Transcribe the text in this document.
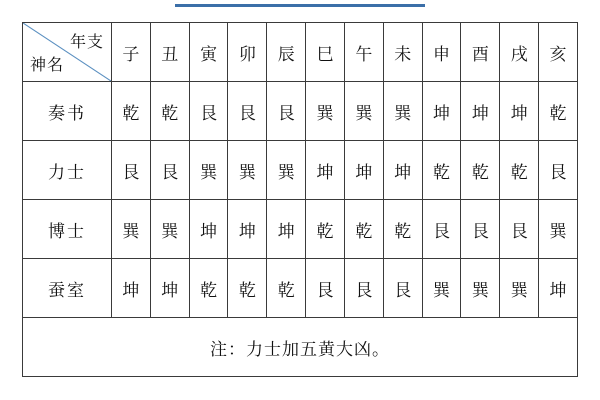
年支
神名	子	丑	寅	卯	辰	巳	午	未	申	酉	戌	亥
奏书	乾	乾	艮	艮	艮	巽	巽	巽	坤	坤	坤	乾
力士	艮	艮	巽	巽	巽	坤	坤	坤	乾	乾	乾	艮
博士	巽	巽	坤	坤	坤	乾	乾	乾	艮	艮	艮	巽
蚕室	坤	坤	乾	乾	乾	艮	艮	艮	巽	巽	巽	坤
注：力士加五黄大凶。												
